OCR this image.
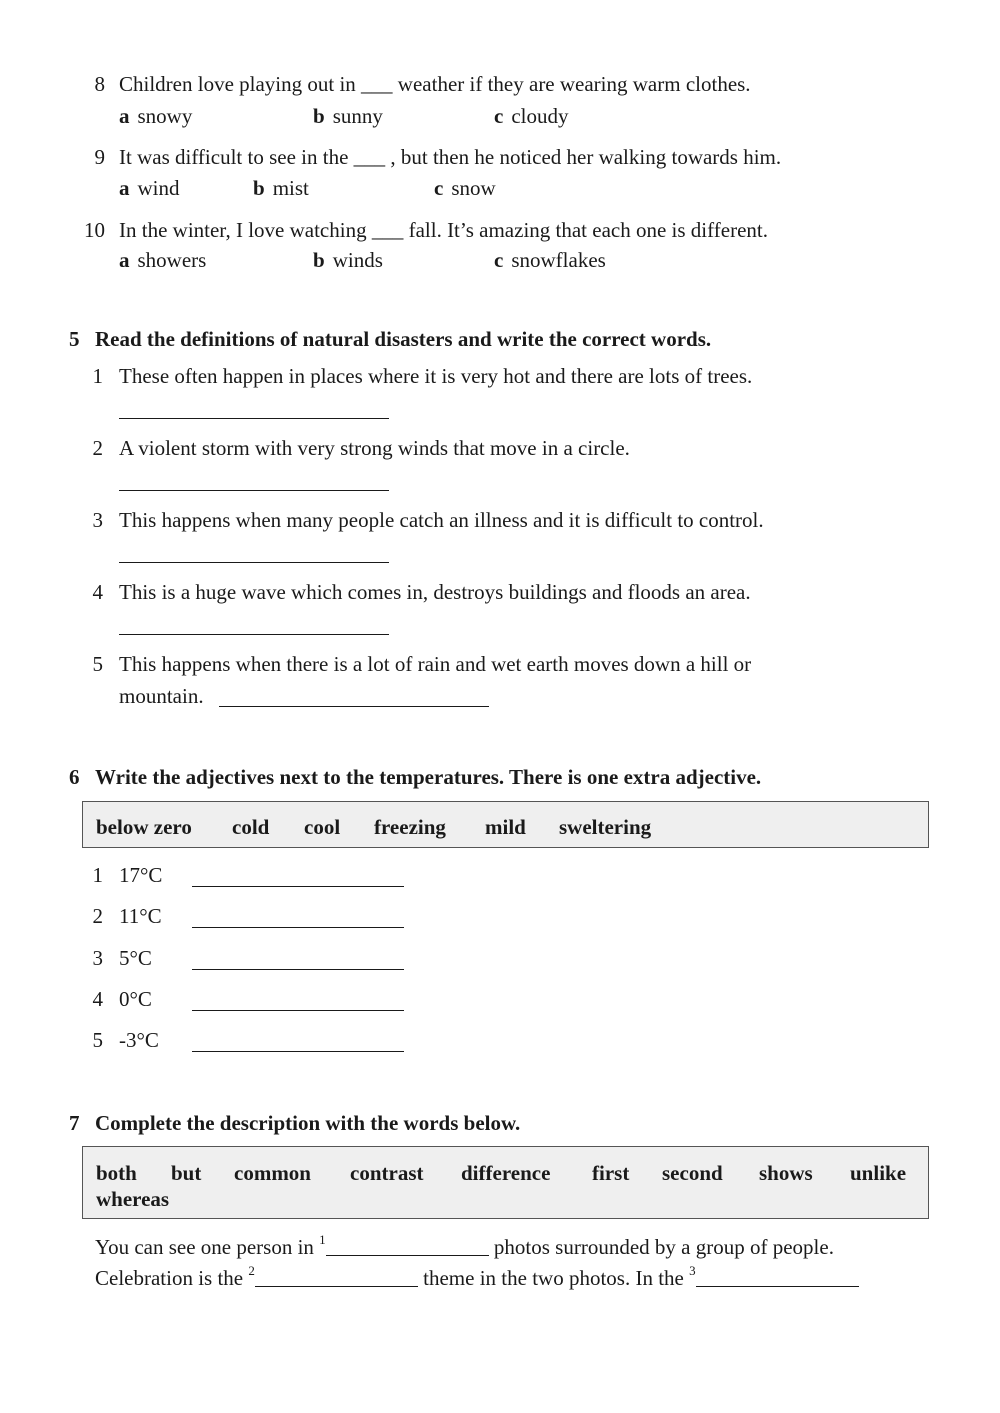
8 Children love playing out in ___ weather if they are wearing warm clothes.
a snowy	b sunny	c cloudy
9 It was difficult to see in the ___ , but then he noticed her walking towards him.
a wind	b mist	c snow
10 In the winter, I love watching ___ fall. It’s amazing that each one is different.
a showers	b winds	c snowflakes
5 Read the definitions of natural disasters and write the correct words.
1 These often happen in places where it is very hot and there are lots of trees.
2 A violent storm with very strong winds that move in a circle.
3 This happens when many people catch an illness and it is difficult to control.
4 This is a huge wave which comes in, destroys buildings and floods an area.
5 This happens when there is a lot of rain and wet earth moves down a hill or
mountain.
6 Write the adjectives next to the temperatures. There is one extra adjective.
below zero cold cool freezing mild sweltering
1 17°C
2 11°C
3 5°C
4 0°C
5 -3°C
7 Complete the description with the words below.
both but common contrast difference first second shows unlike
whereas
You can see one person in $^1$	photos surrounded by a group of people.
Celebration is the $^2$	theme in the two photos. In the $^3$
